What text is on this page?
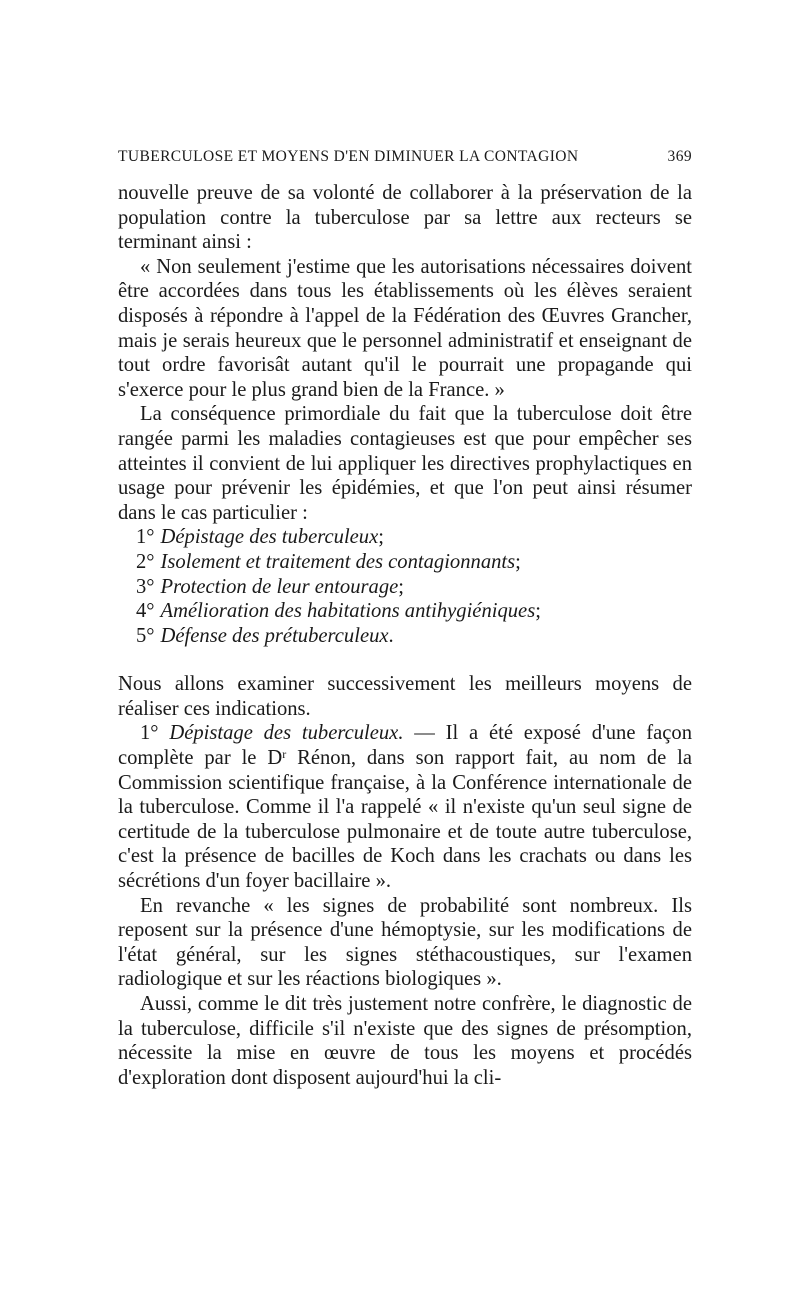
TUBERCULOSE ET MOYENS D'EN DIMINUER LA CONTAGION	369

nouvelle preuve de sa volonté de collaborer à la préservation de la population contre la tuberculose par sa lettre aux recteurs se terminant ainsi :

« Non seulement j'estime que les autorisations nécessaires doivent être accordées dans tous les établissements où les élèves seraient disposés à répondre à l'appel de la Fédération des Œuvres Grancher, mais je serais heureux que le personnel administratif et enseignant de tout ordre favorisât autant qu'il le pourrait une propagande qui s'exerce pour le plus grand bien de la France. »

La conséquence primordiale du fait que la tuberculose doit être rangée parmi les maladies contagieuses est que pour empêcher ses atteintes il convient de lui appliquer les directives prophylactiques en usage pour prévenir les épidémies, et que l'on peut ainsi résumer dans le cas particulier :

1° Dépistage des tuberculeux;
2° Isolement et traitement des contagionnants;
3° Protection de leur entourage;
4° Amélioration des habitations antihygiéniques;
5° Défense des prétuberculeux.

Nous allons examiner successivement les meilleurs moyens de réaliser ces indications.

1° Dépistage des tuberculeux. — Il a été exposé d'une façon complète par le $D^r$ Rénon, dans son rapport fait, au nom de la Commission scientifique française, à la Conférence internationale de la tuberculose. Comme il l'a rappelé « il n'existe qu'un seul signe de certitude de la tuberculose pulmonaire et de toute autre tuberculose, c'est la présence de bacilles de Koch dans les crachats ou dans les sécrétions d'un foyer bacillaire ».

En revanche « les signes de probabilité sont nombreux. Ils reposent sur la présence d'une hémoptysie, sur les modifications de l'état général, sur les signes stéthacoustiques, sur l'examen radiologique et sur les réactions biologiques ».

Aussi, comme le dit très justement notre confrère, le diagnostic de la tuberculose, difficile s'il n'existe que des signes de présomption, nécessite la mise en œuvre de tous les moyens et procédés d'exploration dont disposent aujourd'hui la cli-
